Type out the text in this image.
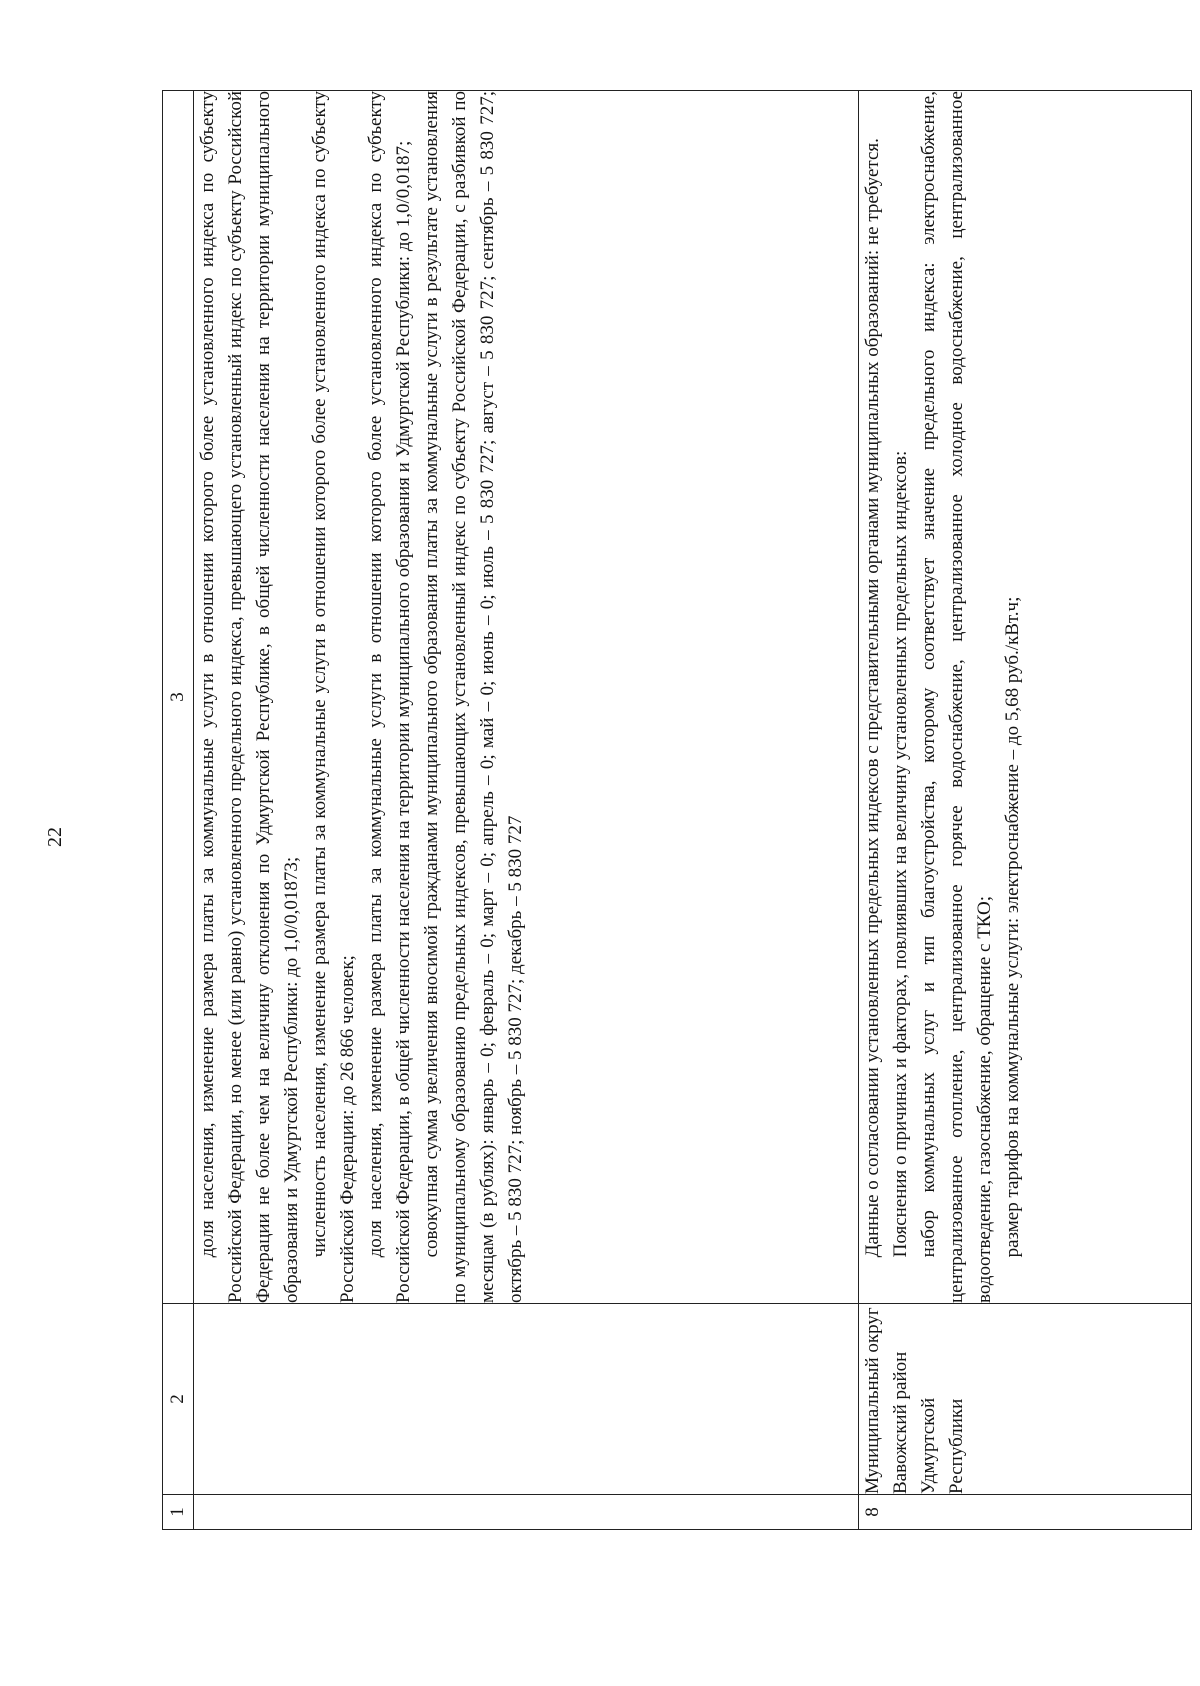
22
1	2	3

		доля населения, изменение размера платы за коммунальные услуги в отношении которого более установленного индекса по субъекту Российской Федерации, но менее (или равно) установленного предельного индекса, превышающего установленный индекс по субъекту Российской Федерации не более чем на величину отклонения по Удмуртской Республике, в общей численности населения на территории муниципального образования и Удмуртской Республики: до 1,0/0,01873; численность населения, изменение размера платы за коммунальные услуги в отношении которого более установленного индекса по субъекту Российской Федерации: до 26 866 человек; доля населения, изменение размера платы за коммунальные услуги в отношении которого более установленного индекса по субъекту Российской Федерации, в общей численности населения на территории муниципального образования и Удмуртской Республики: до 1,0/0,0187; совокупная сумма увеличения вносимой гражданами муниципального образования платы за коммунальные услуги в результате установления по муниципальному образованию предельных индексов, превышающих установленный индекс по субъекту Российской Федерации, с разбивкой по месяцам (в рублях): январь – 0; февраль – 0; март – 0; апрель – 0; май – 0; июнь – 0; июль – 5 830 727; август – 5 830 727; сентябрь – 5 830 727; октябрь – 5 830 727; ноябрь – 5 830 727; декабрь – 5 830 727

8	Муниципальный округ Вавожский район Удмуртской Республики	Данные о согласовании установленных предельных индексов с представительными органами муниципальных образований: не требуется. Пояснения о причинах и факторах, повлиявших на величину установленных предельных индексов: набор коммунальных услуг и тип благоустройства, которому соответствует значение предельного индекса: электроснабжение, централизованное отопление, централизованное горячее водоснабжение, централизованное холодное водоснабжение, централизованное водоотведение, газоснабжение, обращение с ТКО; размер тарифов на коммунальные услуги: электроснабжение – до 5,68 руб./кВт.ч;
